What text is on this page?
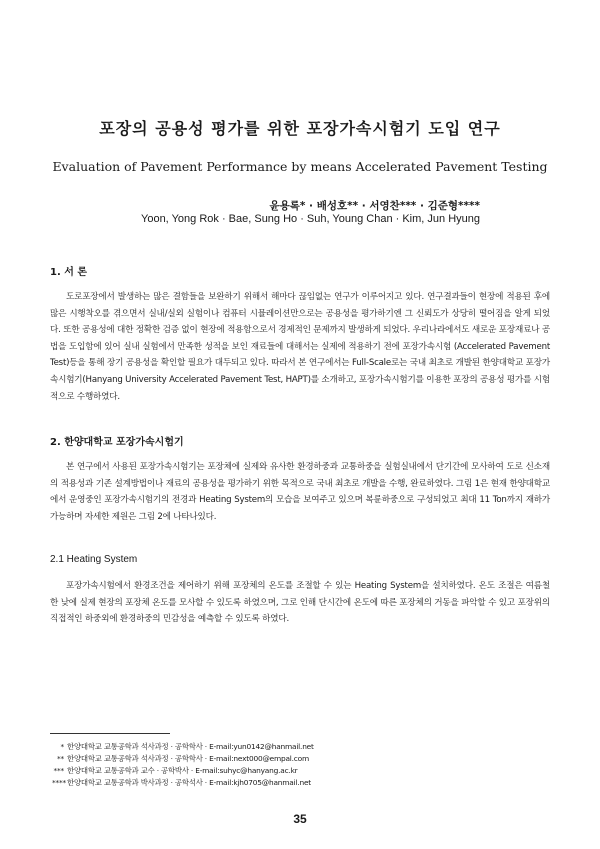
포장의 공용성 평가를 위한 포장가속시험기 도입 연구
Evaluation of Pavement Performance by means Accelerated Pavement Testing
윤용록* · 배성호** · 서영찬*** · 김준형****
Yoon, Yong Rok · Bae, Sung Ho · Suh, Young Chan · Kim, Jun Hyung
1. 서 론

도로포장에서 발생하는 많은 결함들을 보완하기 위해서 해마다 끊임없는 연구가 이루어지고 있다. 연구결과들이 현장에 적용된 후에 많은 시행착오를 겪으면서 실내/실외 실험이나 컴퓨터 시뮬레이션만으로는 공용성을 평가하기엔 그 신뢰도가 상당히 떨어짐을 알게 되었다. 또한 공용성에 대한 정확한 검증 없이 현장에 적용함으로서 경제적인 문제까지 발생하게 되었다. 우리나라에서도 새로운 포장재료나 공법을 도입함에 있어 실내 실험에서 만족한 성적을 보인 재료들에 대해서는 실제에 적용하기 전에 포장가속시험 (Accelerated Pavement Test)등을 통해 장기 공용성을 확인할 필요가 대두되고 있다. 따라서 본 연구에서는 Full-Scale로는 국내 최초로 개발된 한양대학교 포장가속시험기(Hanyang University Accelerated Pavement Test, HAPT)를 소개하고, 포장가속시험기를 이용한 포장의 공용성 평가를 시험적으로 수행하였다.

2. 한양대학교 포장가속시험기

본 연구에서 사용된 포장가속시험기는 포장체에 실제와 유사한 환경하중과 교통하중을 실험실내에서 단기간에 모사하여 도로 신소재의 적용성과 기존 설계방법이나 재료의 공용성을 평가하기 위한 목적으로 국내 최초로 개발을 수행, 완료하였다. 그림 1은 현재 한양대학교에서 운영중인 포장가속시험기의 전경과 Heating System의 모습을 보여주고 있으며 복륜하중으로 구성되었고 최대 11 Ton까지 재하가 가능하며 자세한 제원은 그림 2에 나타나있다.

2.1 Heating System

포장가속시험에서 환경조건을 제어하기 위해 포장체의 온도를 조절할 수 있는 Heating System을 설치하였다. 온도 조절은 여름철 한 낮에 실제 현장의 포장체 온도를 모사할 수 있도록 하였으며, 그로 인해 단시간에 온도에 따른 포장체의 거동을 파악할 수 있고 포장위의 직접적인 하중외에 환경하중의 민감성을 예측할 수 있도록 하였다.

* 한양대학교 교통공학과 석사과정 · 공학학사 · E-mail:yun0142@hanmail.net
** 한양대학교 교통공학과 석사과정 · 공학학사 · E-mail:next000@empal.com
*** 한양대학교 교통공학과 교수 · 공학박사 · E-mail:suhyc@hanyang.ac.kr
****한양대학교 교통공학과 박사과정 · 공학석사 · E-mail:kjh0705@hanmail.net
35
